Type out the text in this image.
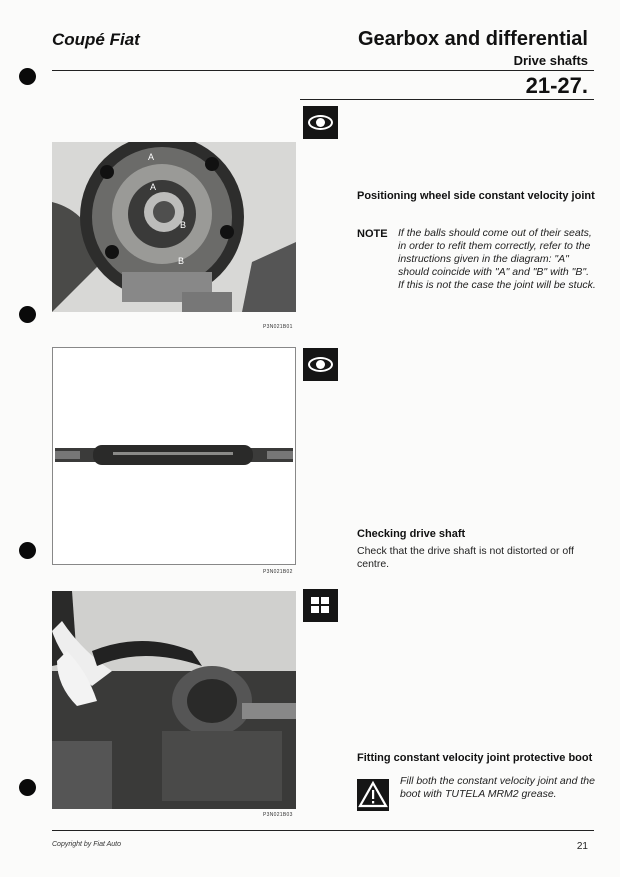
Coupé Fiat	Gearbox and differential
Drive shafts
21-27.
A
A
B
B
P3N021B01
P3N021B02
P3N021B03
Positioning wheel side constant velocity joint
NOTE If the balls should come out of their seats, in order to refit them correctly, refer to the instructions given in the diagram: "A" should coincide with "A" and "B" with "B". If this is not the case the joint will be stuck.
Checking drive shaft
Check that the drive shaft is not distorted or off centre.
Fitting constant velocity joint protective boot
Fill both the constant velocity joint and the boot with TUTELA MRM2 grease.
Copyright by Fiat Auto	21
